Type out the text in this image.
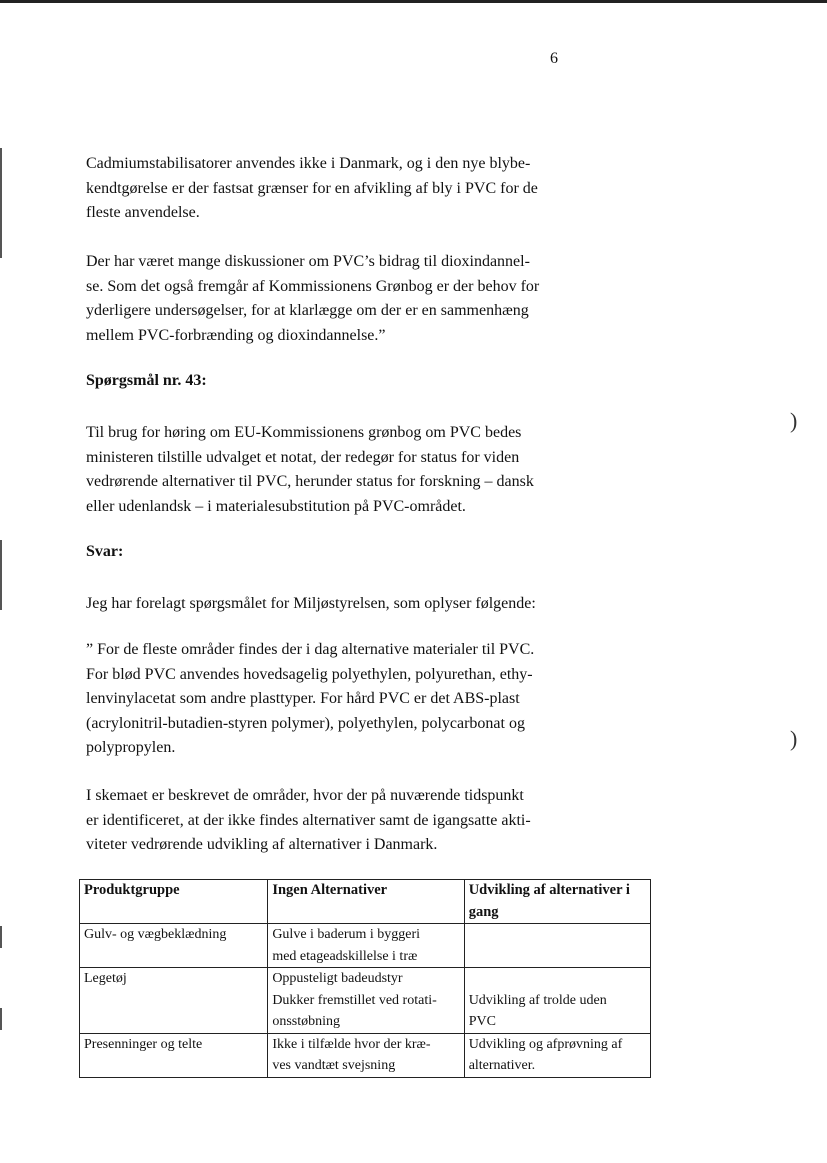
)
)
6
Cadmiumstabilisatorer anvendes ikke i Danmark, og i den nye blybe-
kendtgørelse er der fastsat grænser for en afvikling af bly i PVC for de
fleste anvendelse.
Der har været mange diskussioner om PVC’s bidrag til dioxindannel-
se. Som det også fremgår af Kommissionens Grønbog er der behov for
yderligere undersøgelser, for at klarlægge om der er en sammenhæng
mellem PVC-forbrænding og dioxindannelse.”
Spørgsmål nr. 43:
Til brug for høring om EU-Kommissionens grønbog om PVC bedes
ministeren tilstille udvalget et notat, der redegør for status for viden
vedrørende alternativer til PVC, herunder status for forskning – dansk
eller udenlandsk – i materialesubstitution på PVC-området.
Svar:
Jeg har forelagt spørgsmålet for Miljøstyrelsen, som oplyser følgende:
” For de fleste områder findes der i dag alternative materialer til PVC.
For blød PVC anvendes hovedsagelig polyethylen, polyurethan, ethy-
lenvinylacetat som andre plasttyper. For hård PVC er det ABS-plast
(acrylonitril-butadien-styren polymer), polyethylen, polycarbonat og
polypropylen.
I skemaet er beskrevet de områder, hvor der på nuværende tidspunkt
er identificeret, at der ikke findes alternativer samt de igangsatte akti-
viteter vedrørende udvikling af alternativer i Danmark.
Produktgruppe	Ingen Alternativer	Udvikling af alternativer i
gang

Gulv- og vægbeklædning	Gulve i baderum i byggeri
med etageadskillelse i træ	

Legetøj	Oppusteligt badeudstyr
Dukker fremstillet ved rotati-
onsstøbning	Udvikling af trolde uden
PVC

Presenninger og telte	Ikke i tilfælde hvor der kræ-
ves vandtæt svejsning	Udvikling og afprøvning af
alternativer.
